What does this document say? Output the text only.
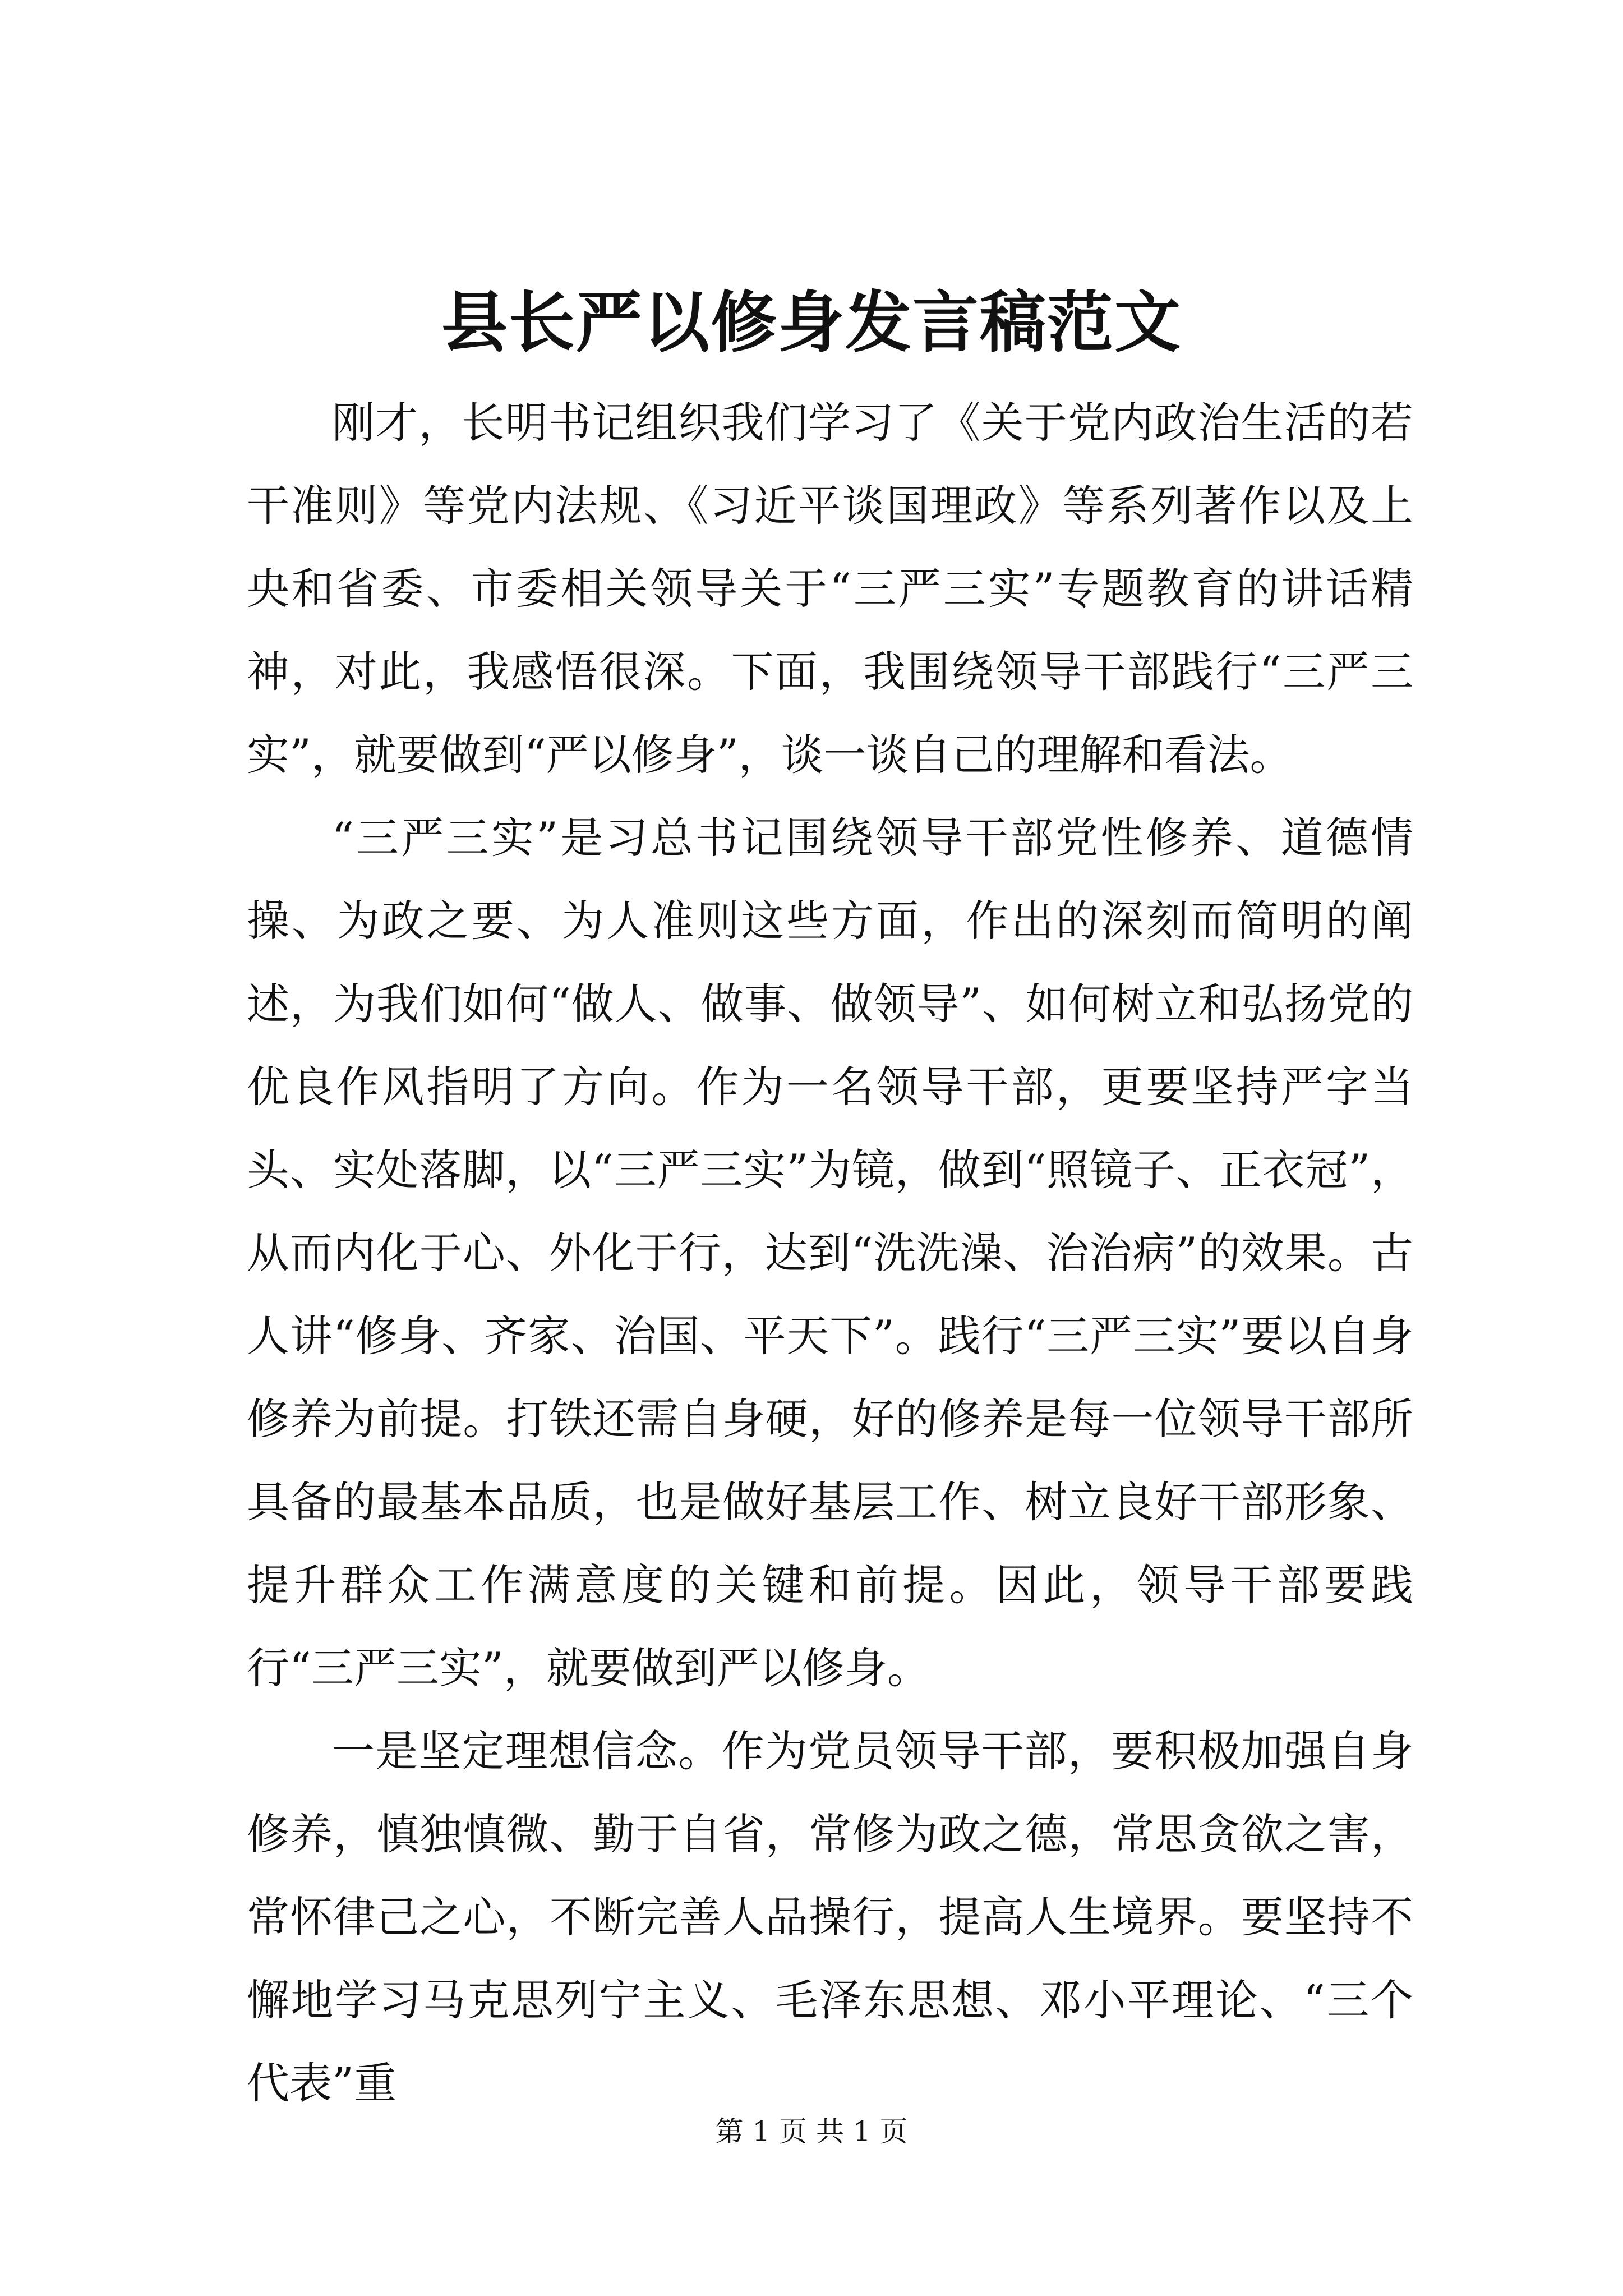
县长严以修身发言稿范文

刚才，长明书记组织我们学习了《关于党内政治生活的若干准则》等党内法规、《习近平谈国理政》等系列著作以及上央和省委、市委相关领导关于“三严三实”专题教育的讲话精神，对此，我感悟很深。下面，我围绕领导干部践行“三严三实”，就要做到“严以修身”，谈一谈自己的理解和看法。

“三严三实”是习总书记围绕领导干部党性修养、道德情操、为政之要、为人准则这些方面，作出的深刻而简明的阐述，为我们如何“做人、做事、做领导”、如何树立和弘扬党的优良作风指明了方向。作为一名领导干部，更要坚持严字当头、实处落脚，以“三严三实”为镜，做到“照镜子、正衣冠”，从而内化于心、外化于行，达到“洗洗澡、治治病”的效果。古人讲“修身、齐家、治国、平天下”。践行“三严三实”要以自身修养为前提。打铁还需自身硬，好的修养是每一位领导干部所具备的最基本品质，也是做好基层工作、树立良好干部形象、提升群众工作满意度的关键和前提。因此，领导干部要践行“三严三实”，就要做到严以修身。

一是坚定理想信念。作为党员领导干部，要积极加强自身修养，慎独慎微、勤于自省，常修为政之德，常思贪欲之害，常怀律己之心，不断完善人品操行，提高人生境界。要坚持不懈地学习马克思列宁主义、毛泽东思想、邓小平理论、“三个代表”重

第 1 页 共 1 页
